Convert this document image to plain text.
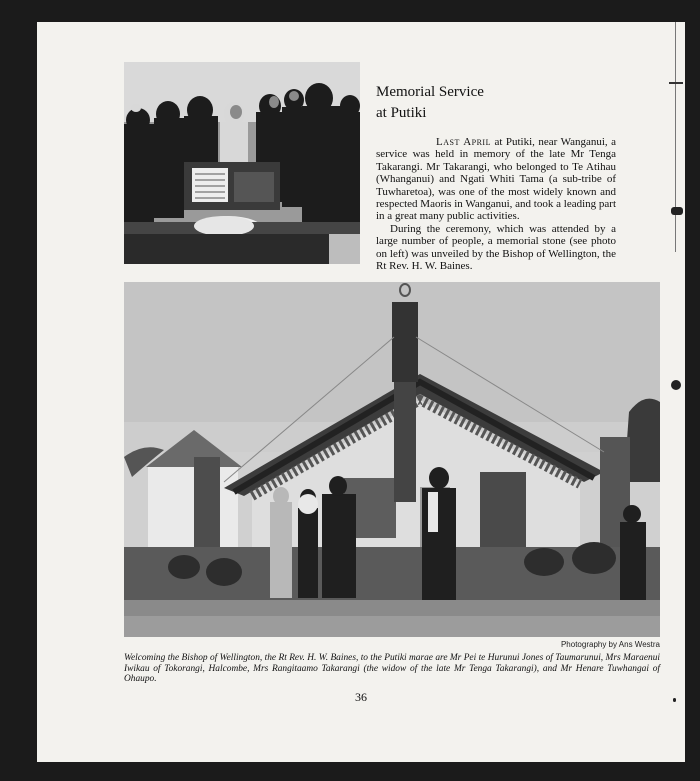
Memorial Service
at Putiki

Last April at Putiki, near Wanganui, a service was held in memory of the late Mr Tenga Takarangi. Mr Takarangi, who belonged to Te Atihau (Whanganui) and Ngati Whiti Tama (a sub-tribe of Tuwharetoa), was one of the most widely known and respected Maoris in Wanganui, and took a leading part in a great many public activities.

During the ceremony, which was attended by a large number of people, a memorial stone (see photo on left) was unveiled by the Bishop of Wellington, the Rt Rev. H. W. Baines.

Photography by Ans Westra
Welcoming the Bishop of Wellington, the Rt Rev. H. W. Baines, to the Putiki marae are Mr Pei te Hurunui Jones of Taumarunui, Mrs Maraenui Iwikau of Tokorangi, Halcombe, Mrs Rangitaamo Takarangi (the widow of the late Mr Tenga Takarangi), and Mr Henare Tuwhangai of Ohaupo.
36
